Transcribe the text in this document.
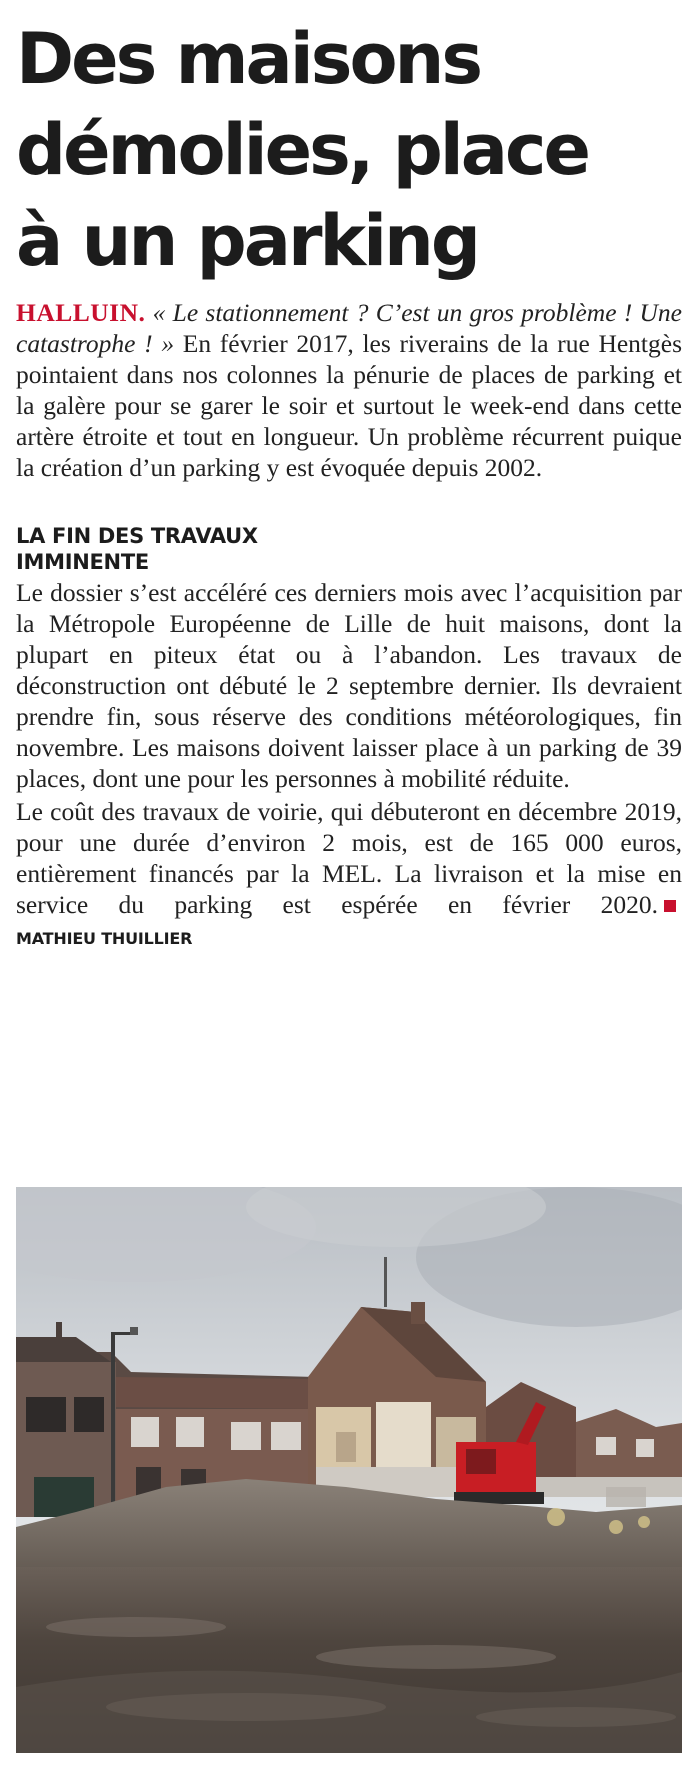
Des maisons
démolies, place
à un parking

HALLUIN. « Le stationnement ? C’est un gros problème ! Une catastrophe ! » En février 2017, les riverains de la rue Hentgès pointaient dans nos colonnes la pénurie de places de parking et la galère pour se garer le soir et surtout le week-end dans cette artère étroite et tout en longueur. Un problème récurrent puique la création d’un parking y est évoquée depuis 2002.

LA FIN DES TRAVAUX IMMINENTE

Le dossier s’est accéléré ces derniers mois avec l’acquisition par la Métropole Européenne de Lille de huit maisons, dont la plupart en piteux état ou à l’abandon. Les travaux de déconstruction ont débuté le 2 septembre dernier. Ils devraient prendre fin, sous réserve des conditions météorologiques, fin novembre. Les maisons doivent laisser place à un parking de 39 places, dont une pour les personnes à mobilité réduite.

Le coût des travaux de voirie, qui débuteront en décembre 2019, pour une durée d’environ 2 mois, est de 165 000 euros, entièrement financés par la MEL. La livraison et la mise en service du parking est espérée en février 2020.MATHIEU THUILLIER
